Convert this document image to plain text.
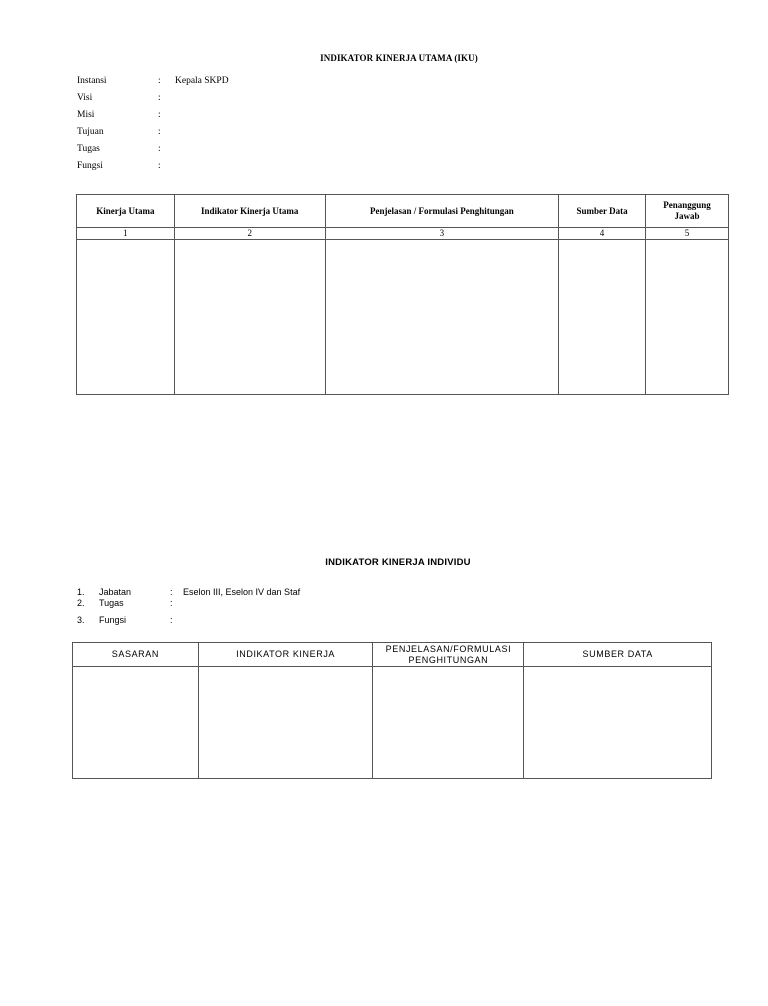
INDIKATOR KINERJA UTAMA (IKU)
Instansi	: Kepala SKPD
Visi	:
Misi	:
Tujuan	:
Tugas	:
Fungsi	:
Kinerja Utama	Indikator Kinerja Utama	Penjelasan / Formulasi Penghitungan	Sumber Data	Penanggung Jawab
1	2	3	4	5

INDIKATOR KINERJA INDIVIDU
1. Jabatan	: Eselon III, Eselon IV dan Staf
2. Tugas	:
3. Fungsi	:
SASARAN	INDIKATOR KINERJA	PENJELASAN/FORMULASI PENGHITUNGAN	SUMBER DATA
